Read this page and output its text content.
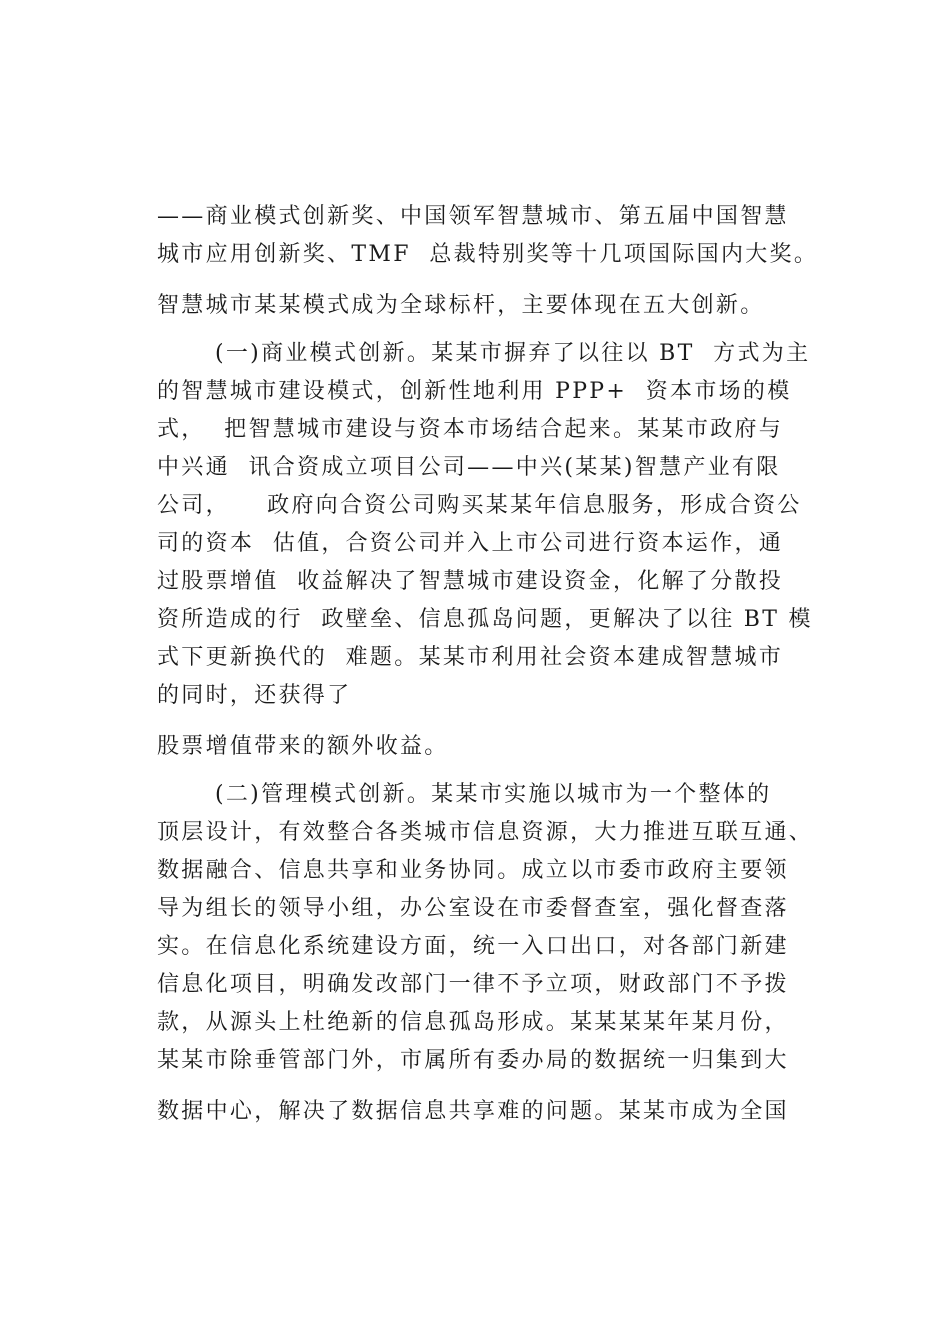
——商业模式创新奖、中国领军智慧城市、第五届中国智慧
城市应用创新奖、TMF  总裁特别奖等十几项国际国内大奖。
智慧城市某某模式成为全球标杆，主要体现在五大创新。
(一)商业模式创新。某某市摒弃了以往以 BT  方式为主
的智慧城市建设模式，创新性地利用 PPP+  资本市场的模
式，  把智慧城市建设与资本市场结合起来。某某市政府与
中兴通  讯合资成立项目公司——中兴(某某)智慧产业有限
公司，    政府向合资公司购买某某年信息服务，形成合资公
司的资本  估值，合资公司并入上市公司进行资本运作，通
过股票增值  收益解决了智慧城市建设资金，化解了分散投
资所造成的行  政壁垒、信息孤岛问题，更解决了以往 BT 模
式下更新换代的  难题。某某市利用社会资本建成智慧城市
的同时，还获得了
股票增值带来的额外收益。
(二)管理模式创新。某某市实施以城市为一个整体的
顶层设计，有效整合各类城市信息资源，大力推进互联互通、
数据融合、信息共享和业务协同。成立以市委市政府主要领
导为组长的领导小组，办公室设在市委督查室，强化督查落
实。在信息化系统建设方面，统一入口出口，对各部门新建
信息化项目，明确发改部门一律不予立项，财政部门不予拨
款，从源头上杜绝新的信息孤岛形成。某某某某年某月份，
某某市除垂管部门外，市属所有委办局的数据统一归集到大
数据中心，解决了数据信息共享难的问题。某某市成为全国
